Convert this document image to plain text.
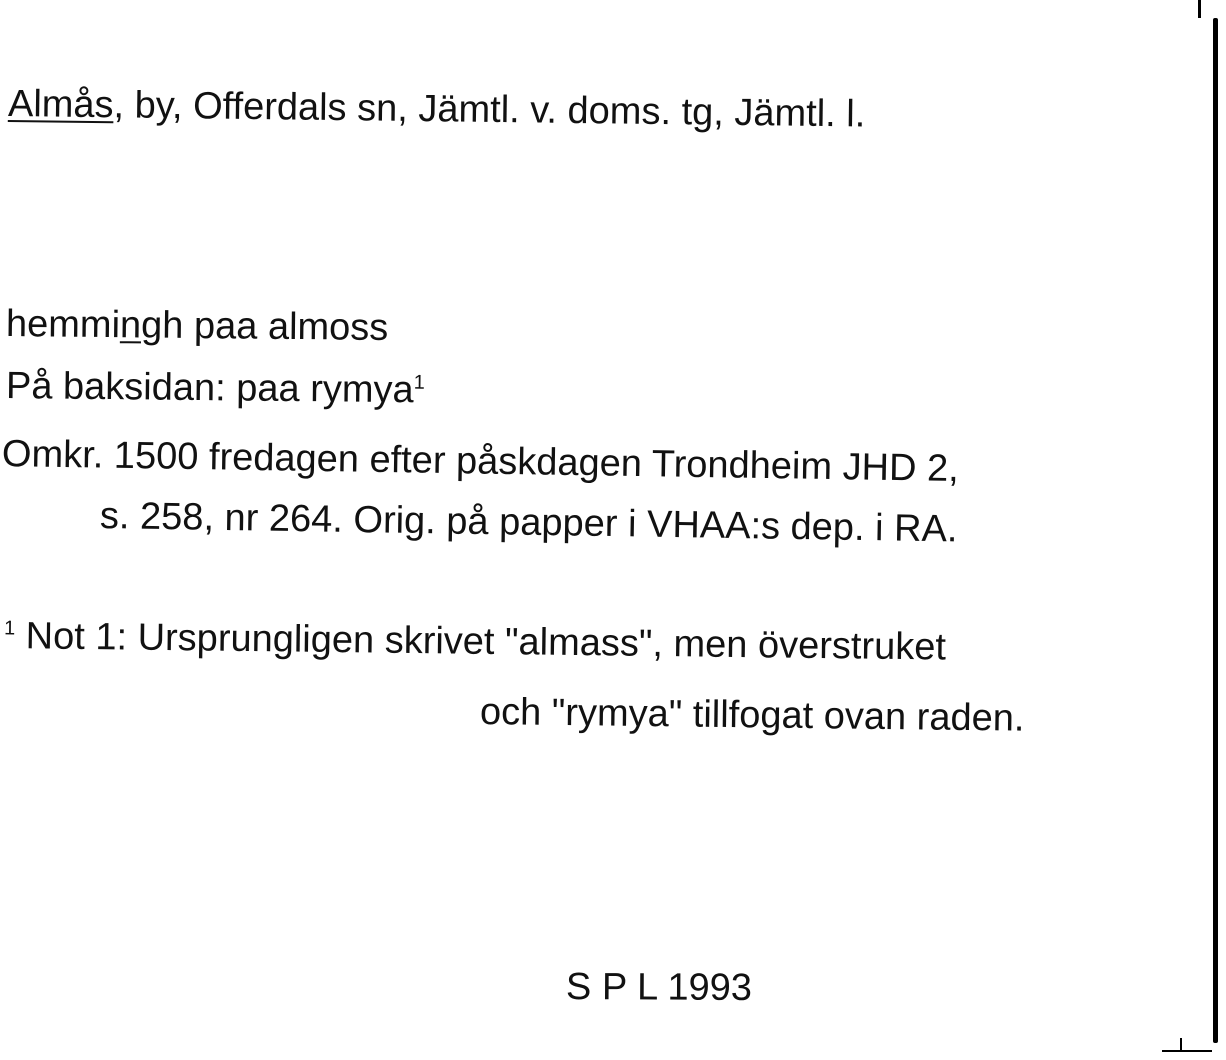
Almås, by, Offerdals sn, Jämtl. v. doms. tg, Jämtl. l.
hemmingh paa almoss
På baksidan: paa rymya$^1$
Omkr. 1500 fredagen efter påskdagen Trondheim JHD 2,
s. 258, nr 264. Orig. på papper i VHAA:s dep. i RA.
$^1$ Not 1: Ursprungligen skrivet "almass", men överstruket
och "rymya" tillfogat ovan raden.
S P L 1993
